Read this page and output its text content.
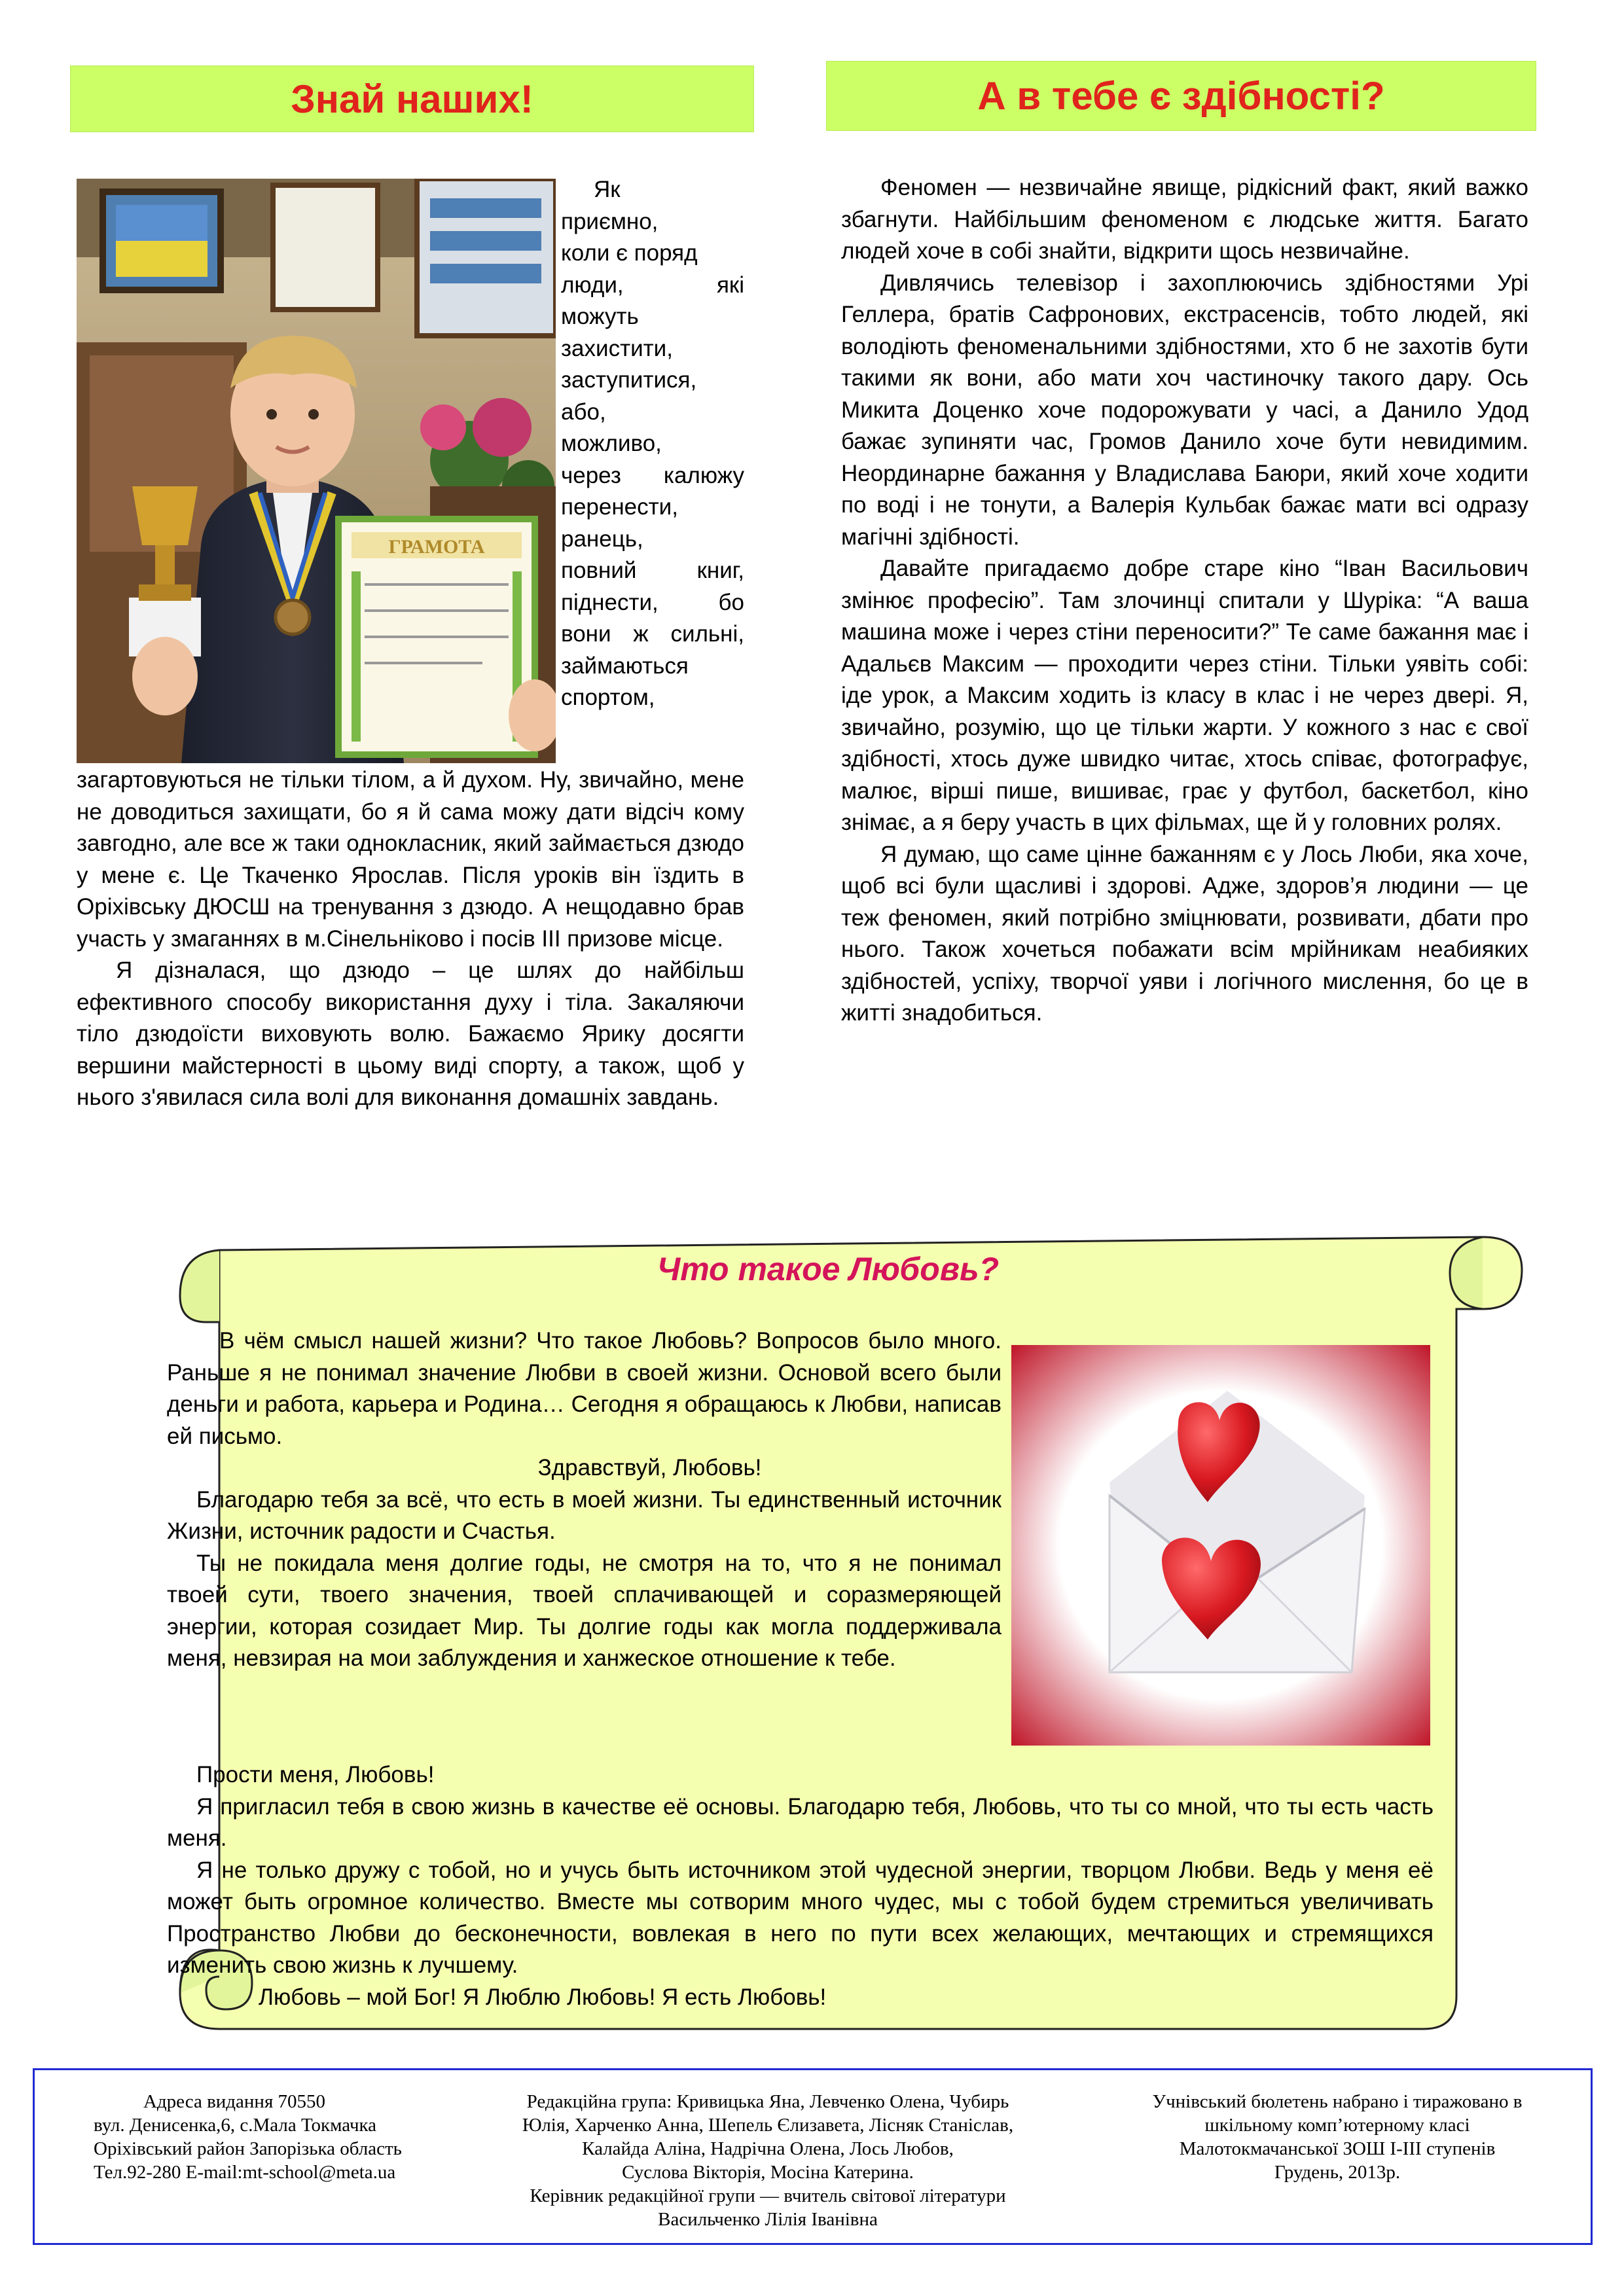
Знай наших!	А в тебе є здібності?
ГРАМОТА
Як
приємно,
коли є поряд
люди, які
можуть
захистити,
заступитися,
або,
можливо,
через калюжу
перенести,
ранець,
повний книг,
піднести, бо
вони ж сильні,
займаються
спортом,

загартовуються не тільки тілом, а й духом. Ну, звичайно, мене не доводиться захищати, бо я й сама можу дати відсіч кому завгодно, але все ж таки однокласник, який займається дзюдо у мене є. Це Ткаченко Ярослав. Після уроків він їздить в Оріхівську ДЮСШ на тренування з дзюдо. А нещодавно брав участь у змаганнях в м.Сінельніково і посів ІІІ призове місце.

Я дізналася, що дзюдо – це шлях до найбільш ефективного способу використання духу і тіла. Закаляючи тіло дзюдоїсти виховують волю. Бажаємо Ярику досягти вершини майстерності в цьому виді спорту, а також, щоб у нього з'явилася сила волі для виконання домашніх завдань.

Феномен — незвичайне явище, рідкісний факт, який важко збагнути. Найбільшим феноменом є людське життя. Багато людей хоче в собі знайти, відкрити щось незвичайне.

Дивлячись телевізор і захоплюючись здібностями Урі Геллера, братів Сафронових, екстрасенсів, тобто людей, які володіють феноменальними здібностями, хто б не захотів бути такими як вони, або мати хоч частиночку такого дару. Ось Микита Доценко хоче подорожувати у часі, а Данило Удод бажає зупиняти час, Громов Данило хоче бути невидимим. Неординарне бажання у Владислава Баюри, який хоче ходити по воді і не тонути, а Валерія Кульбак бажає мати всі одразу магічні здібності.

Давайте пригадаємо добре старе кіно “Іван Васильович змінює професію”. Там злочинці спитали у Шуріка: “А ваша машина може і через стіни переносити?” Те саме бажання має і Адальєв Максим — проходити через стіни. Тільки уявіть собі: іде урок, а Максим ходить із класу в клас і не через двері. Я, звичайно, розумію, що це тільки жарти. У кожного з нас є свої здібності, хтось дуже швидко читає, хтось співає, фотографує, малює, вірші пише, вишиває, грає у футбол, баскетбол, кіно знімає, а я беру участь в цих фільмах, ще й у головних ролях.

Я думаю, що саме цінне бажанням є у Лось Люби, яка хоче, щоб всі були щасливі і здорові. Адже, здоров’я людини — це теж феномен, який потрібно зміцнювати, розвивати, дбати про нього. Також хочеться побажати всім мрійникам неабияких здібностей, успіху, творчої уяви і логічного мислення, бо це в житті знадобиться.

Что такое Любовь?

В чём смысл нашей жизни? Что такое Любовь? Вопросов было много. Раньше я не понимал значение Любви в своей жизни. Основой всего были деньги и работа, карьера и Родина… Сегодня я обращаюсь к Любви, написав ей письмо.

Здравствуй, Любовь!

Благодарю тебя за всё, что есть в моей жизни. Ты единственный источник Жизни, источник радости и Счастья.

Ты не покидала меня долгие годы, не смотря на то, что я не понимал твоей сути, твоего значения, твоей сплачивающей и соразмеряющей энергии, которая созидает Мир. Ты долгие годы как могла поддерживала меня, невзирая на мои заблуждения и ханжеское отношение к тебе.

Прости меня, Любовь!

Я пригласил тебя в свою жизнь в качестве её основы. Благодарю тебя, Любовь, что ты со мной, что ты есть часть меня.

Я не только дружу с тобой, но и учусь быть источником этой чудесной энергии, творцом Любви. Ведь у меня её может быть огромное количество. Вместе мы сотворим много чудес, мы с тобой будем стремиться увеличивать Пространство Любви до бесконечности, вовлекая в него по пути всех желающих, мечтающих и стремящихся изменить свою жизнь к лучшему.

Любовь – мой Бог! Я Люблю Любовь! Я есть Любовь!

Адреса видання 70550
вул. Денисенка,6, с.Мала Токмачка
Оріхівський район Запорізька область
Тел.92-280 E-mail:mt-school@meta.ua
Редакційна група: Кривицька Яна, Левченко Олена, Чубирь
Юлія, Харченко Анна, Шепель Єлизавета, Лісняк Станіслав,
Калайда Аліна, Надрічна Олена, Лось Любов,
Суслова Вікторія, Мосіна Катерина.
Керівник редакційної групи — вчитель світової літератури
Васильченко Лілія Іванівна
Учнівський бюлетень набрано і тиражовано в
шкільному комп’ютерному класі
Малотокмачанської ЗОШ І-ІІІ ступенів
Грудень, 2013р.
